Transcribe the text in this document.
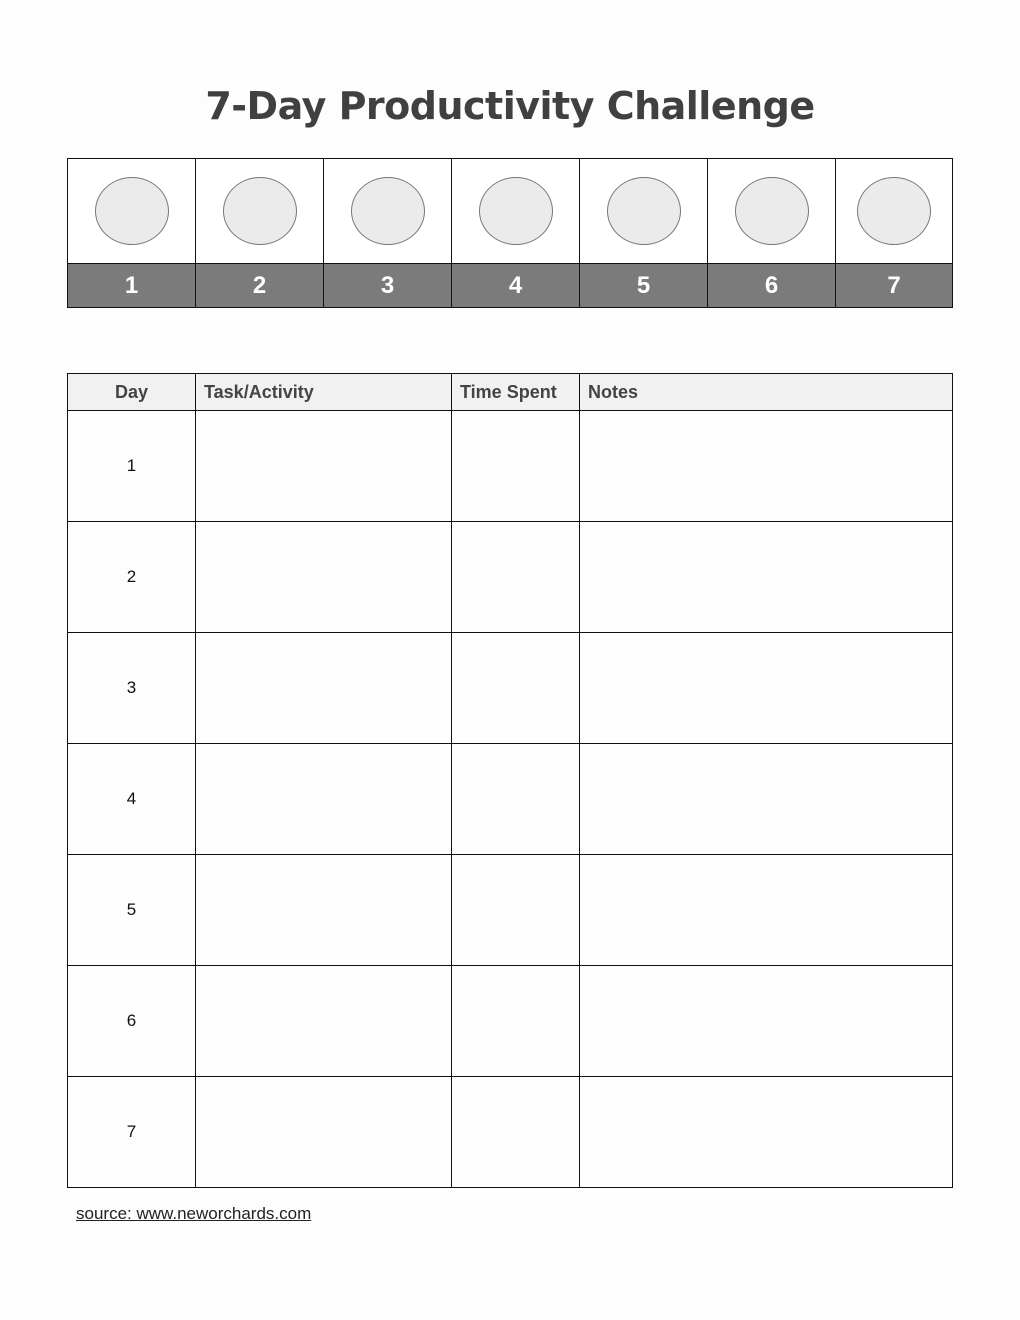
7-Day Productivity Challenge

1	2	3	4	5	6	7
Day	Task/Activity	Time Spent	Notes
1			
2			
3			
4			
5			
6			
7			
source: www.neworchards.com
